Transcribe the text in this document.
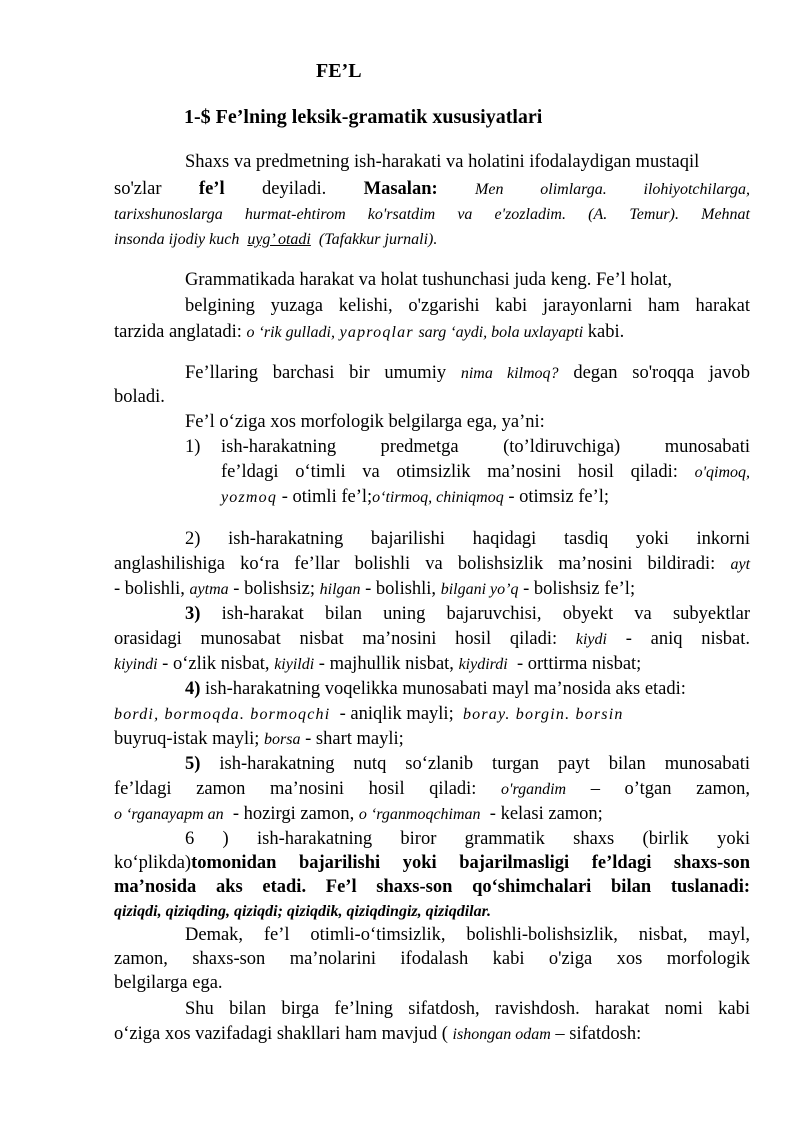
FE’L
1-$ Fe’lning leksik-gramatik xususiyatlari
Shaxs va predmetning ish-harakati va holatini ifodalaydigan mustaqil
so'zlar fe’l deyiladi. Masalan: Men olimlarga. ilohiyotchilarga,
tarixshunoslarga hurmat-ehtirom ko'rsatdim va e'zozladim. (A. Temur). Mehnat
insonda ijodiy kuch uyg’ otadi (Tafakkur jurnali).
Grammatikada harakat va holat tushunchasi juda keng. Fe’l holat,
belgining yuzaga kelishi, o'zgarishi kabi jarayonlarni ham harakat
tarzida anglatadi: o ‘rik gulladi, yaproqlar sarg ‘aydi, bola uxlayapti kabi.
Fe’llaring barchasi bir umumiy nima kilmoq? degan so'roqqa javob
boladi.
Fe’l o‘ziga xos morfologik belgilarga ega, ya’ni:
1)	ish-harakatning predmetga (to’ldiruvchiga) munosabati
fe’ldagi o‘timli va otimsizlik ma’nosini hosil qiladi: o'qimoq,
yozmoq - otimli fe’l;o‘tirmoq, chiniqmoq - otimsiz fe’l;
2) ish-harakatning bajarilishi haqidagi tasdiq yoki inkorni
anglashilishiga ko‘ra fe’llar bolishli va bolishsizlik ma’nosini bildiradi: ayt
- bolishli, aytma - bolishsiz; hilgan - bolishli, bilgani yo’q - bolishsiz fe’l;
3) ish-harakat bilan uning bajaruvchisi, obyekt va subyektlar
orasidagi munosabat nisbat ma’nosini hosil qiladi: kiydi - aniq nisbat.
kiyindi - o‘zlik nisbat, kiyildi - majhullik nisbat, kiydirdi - orttirma nisbat;
4) ish-harakatning voqelikka munosabati mayl ma’nosida aks etadi:
bordi, bormoqda. bormoqchi - aniqlik mayli; boray. borgin. borsin
buyruq-istak mayli; borsa - shart mayli;
5) ish-harakatning nutq so‘zlanib turgan payt bilan munosabati
fe’ldagi zamon ma’nosini hosil qiladi: o'rgandim – o’tgan zamon,
o ‘rganayapm an - hozirgi zamon, o ‘rganmoqchiman - kelasi zamon;
6 ) ish-harakatning biror grammatik shaxs (birlik yoki
ko‘plikda)tomonidan bajarilishi yoki bajarilmasligi fe’ldagi shaxs-son
ma’nosida aks etadi. Fe’l shaxs-son qo‘shimchalari bilan tuslanadi:
qiziqdi, qiziqding, qiziqdi; qiziqdik, qiziqdingiz, qiziqdilar.
Demak, fe’l otimli-o‘timsizlik, bolishli-bolishsizlik, nisbat, mayl,
zamon, shaxs-son ma’nolarini ifodalash kabi o'ziga xos morfologik
belgilarga ega.
Shu bilan birga fe’lning sifatdosh, ravishdosh. harakat nomi kabi
o‘ziga xos vazifadagi shakllari ham mavjud ( ishongan odam – sifatdosh:
